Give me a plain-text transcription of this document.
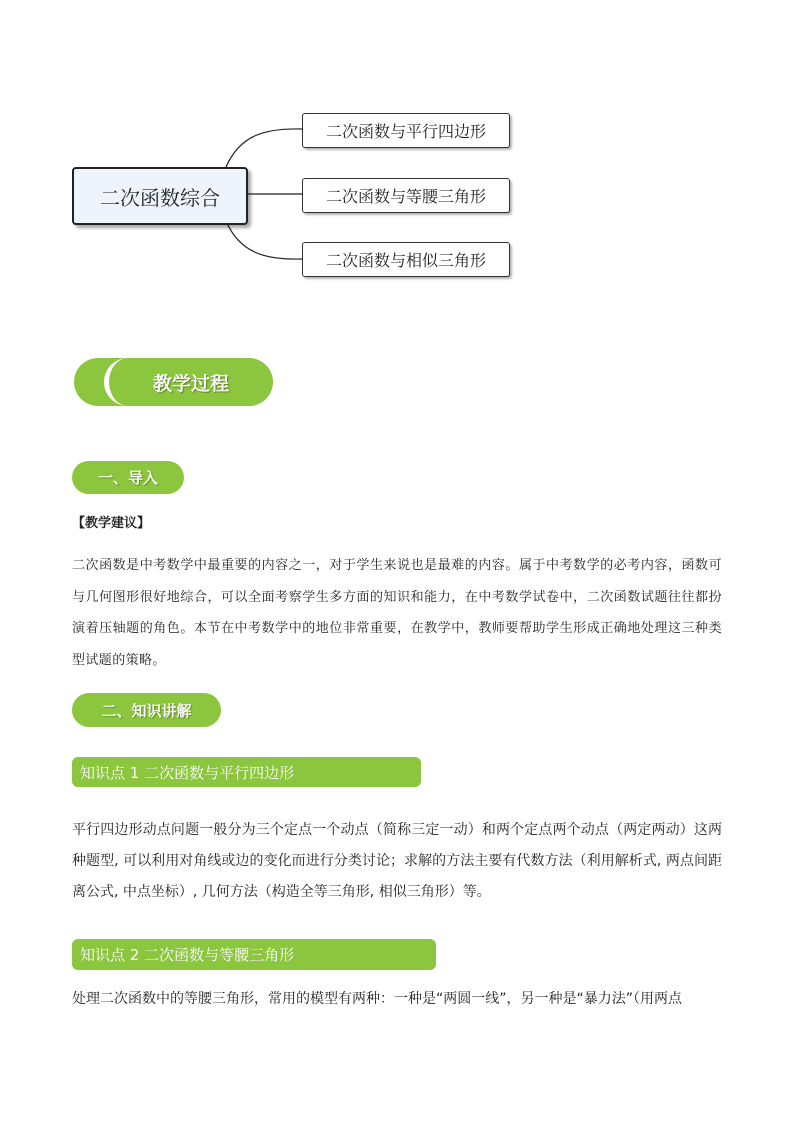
二次函数综合
二次函数与平行四边形
二次函数与等腰三角形
二次函数与相似三角形
教学过程
一、导入
【教学建议】
二次函数是中考数学中最重要的内容之一，对于学生来说也是最难的内容。属于中考数学的必考内容，函数可与几何图形很好地综合，可以全面考察学生多方面的知识和能力，在中考数学试卷中，二次函数试题往往都扮演着压轴题的角色。本节在中考数学中的地位非常重要，在教学中，教师要帮助学生形成正确地处理这三种类型试题的策略。
二、知识讲解
知识点 1 二次函数与平行四边形
平行四边形动点问题一般分为三个定点一个动点（简称三定一动）和两个定点两个动点（两定两动）这两种题型, 可以利用对角线或边的变化而进行分类讨论；求解的方法主要有代数方法（利用解析式, 两点间距离公式, 中点坐标）, 几何方法（构造全等三角形, 相似三角形）等。
知识点 2 二次函数与等腰三角形
处理二次函数中的等腰三角形，常用的模型有两种：一种是“两圆一线”，另一种是“暴力法”（用两点
